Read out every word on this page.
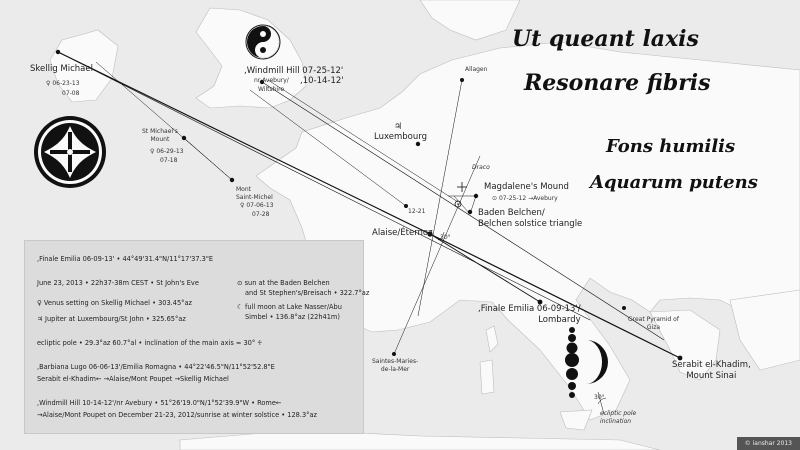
Skellig Michael
♀ 06-23-13
07-08
,Windmill Hill 07-25-12'
nr Avebury/ ,10-14-12'
Wiltshire
St Michael's
Mount
♀ 06-29-13
07-18
Mont
Saint-Michel
♀ 07-06-13
07-28
Allagen
♃
Luxembourg
Draco
Magdalene's Mound
⊙ 07-25-12 →Avebury
Baden Belchen/
Belchen solstice triangle
12-21
Alaise/Éternoz 30°
,Finale Emilia 06-09-13'/
Lombardy
Saintes-Maries-
de-la-Mer
Great Pyramid of
Giza
Serabit el-Khadim,
Mount Sinai
30°
ecliptic pole
inclination
Ut queant laxis
Resonare fibris
Fons humilis
Aquarum putens
,Finale Emilia 06-09-13' • 44°49'31.4"N/11°17'37.3"E
June 23, 2013 • 22h37-38m CEST • St John's Eve
♀ Venus setting on Skellig Michael • 303.45°az
♃ Jupiter at Luxembourg/St John • 325.65°az
ecliptic pole • 29.3°az 60.7°al • inclination of the main axis ≈ 30° ♱
,Barbiana Lugo 06-06-13'/Emilia Romagna • 44°22'46.5"N/11°52'52.8"E
Serabit el-Khadim← →Alaise/Mont Poupet →Skellig Michael
,Windmill Hill 10-14-12'/nr Avebury • 51°26'19.0"N/1°52'39.9"W • Rome←
→Alaise/Mont Poupet on December 21-23, 2012/sunrise at winter solstice • 128.3°az
⊙ sun at the Baden Belchen
and St Stephen's/Breisach • 322.7°az
☾ full moon at Lake Nasser/Abu
Simbel • 136.8°az (22h41m)
© ianshar 2013
